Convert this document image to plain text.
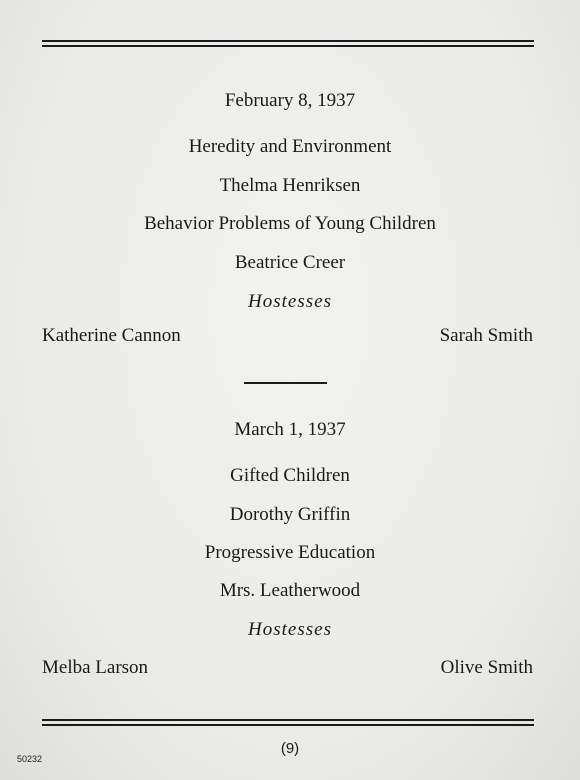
February 8, 1937
Heredity and Environment
Thelma Henriksen
Behavior Problems of Young Children
Beatrice Creer
Hostesses
Katherine Cannon	Sarah Smith
March 1, 1937
Gifted Children
Dorothy Griffin
Progressive Education
Mrs. Leatherwood
Hostesses
Melba Larson	Olive Smith
(9)
50232
